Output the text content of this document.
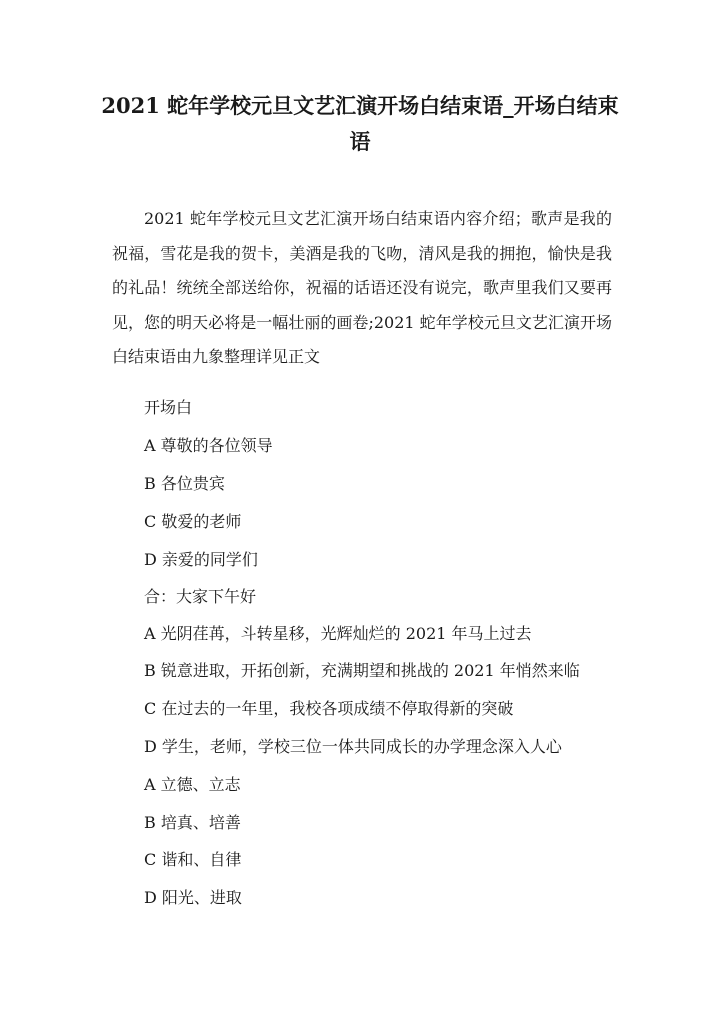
2021 蛇年学校元旦文艺汇演开场白结束语_开场白结束语

2021 蛇年学校元旦文艺汇演开场白结束语内容介绍；歌声是我的祝福，雪花是我的贺卡，美酒是我的飞吻，清风是我的拥抱，愉快是我的礼品！统统全部送给你，祝福的话语还没有说完，歌声里我们又要再见，您的明天必将是一幅壮丽的画卷;2021 蛇年学校元旦文艺汇演开场白结束语由九象整理详见正文

开场白

A 尊敬的各位领导

B 各位贵宾

C 敬爱的老师

D 亲爱的同学们

合：大家下午好

A 光阴荏苒，斗转星移，光辉灿烂的 2021 年马上过去

B 锐意进取，开拓创新，充满期望和挑战的 2021 年悄然来临

C 在过去的一年里，我校各项成绩不停取得新的突破

D 学生，老师，学校三位一体共同成长的办学理念深入人心

A 立德、立志

B 培真、培善

C 谐和、自律

D 阳光、进取
